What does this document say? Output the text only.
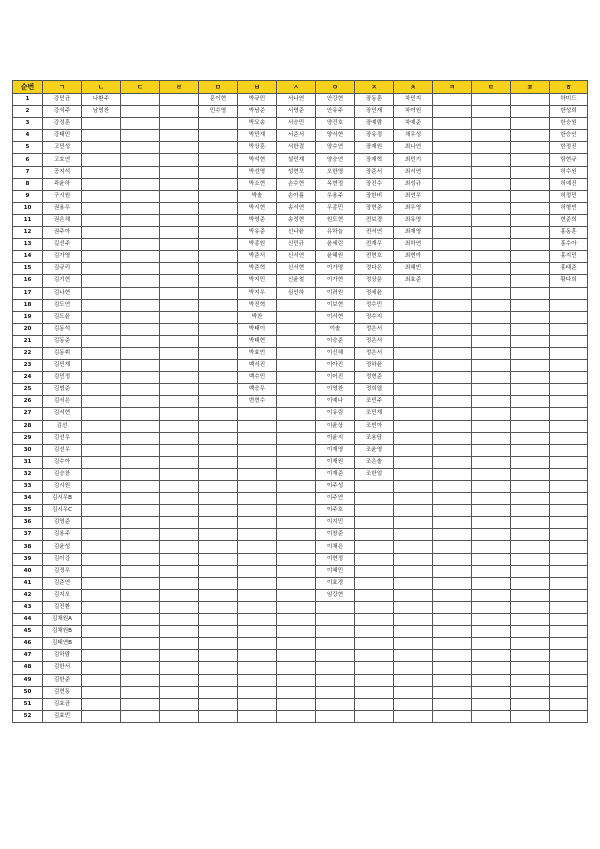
순번	ㄱ	ㄴ	ㄷ	ㄹ	ㅁ	ㅂ	ㅅ	ㅇ	ㅈ	ㅊ	ㅋ	ㅌ	ㅍ	ㅎ
1	강민균	나환주			문이현	박규민	서나연	안강현	장동훈	차민지				하미드
2	강석주	남명찬			민수영	박남준	서명준	안유주	장민재	차여원				한성희
3	강정훈					박묘송	서승민	양건호	장예람	차예준				한승원
4	강태민					박민재	서준서	양서현	장유정	채우성				한승인
5	고민성					박상훈	서한결	양수연	장재원	최나연				한정진
6	고호연					박석현	설민재	양승연	장재혁	최민기				함현규
7	공지석					박선영	성현모	오한영	장준서	최서연				허수원
8	곽윤하					박소현	손수현	옥현정	장진수	최성규				허예진
9	구시원					박솔	손아름	우용주	장한비	최연우				허정민
10	권용우					박시현	송서연	우종민	장현준	최우영				허형빈
11	권은채					박영준	송정현	원도현	전보경	최유영				현준희
12	권주아					박유준	신나윤	유하늘	전서연	최재영				홍동훈
13	길선주					박종원	신민규	윤세린	전재우	최하연				홍수아
14	김가영					박준서	신서연	윤혜원	전현호	최현아				홍지민
15	김규리					박준혁	신서현	이가영	정다은	최혜빈				홍태준
16	김기현					박지민	신윤철	이가현	정상운	최효준				황다희
17	김나현					박지우	심인하	이려원	정세윤					
18	김도연					박진혁		이보현	정수민					
19	김도윤					박찬		이서현	정수지					
20	김동석					박태이		이솔	정은서					
21	김동준					박태현		이승준	정은서					
22	김동휘					박효빈		이신혜	정은서					
23	김민재					백서진		이아진	정하윤					
24	김민정					백수민		이어진	정현준					
25	김범준					백승우		이영찬	정희열					
26	김서은					변현수		이예나	조민주					
27	김서현							이유림	조민재					
28	김선							이윤상	조빈아					
29	김선우							이윤지	조용담					
30	김선우							이재영	조윤영					
31	김수아							이재원	조은솔					
32	김승찬							이재준	조한얼					
33	김시원							이주성						
34	김시우B							이주연						
35	김시우C							이주호						
36	김영준							이지민						
37	김용주							이창준						
38	김윤성							이채은						
39	김이강							이현정						
40	김정우							이혜민						
41	김준연							이효경						
42	김지오							임강현						
43	김진환													
44	김채원A													
45	김채원B													
46	김태연B													
47	김하람													
48	김한서													
49	김한준													
50	김현동													
51	김효균													
52	김효빈													
